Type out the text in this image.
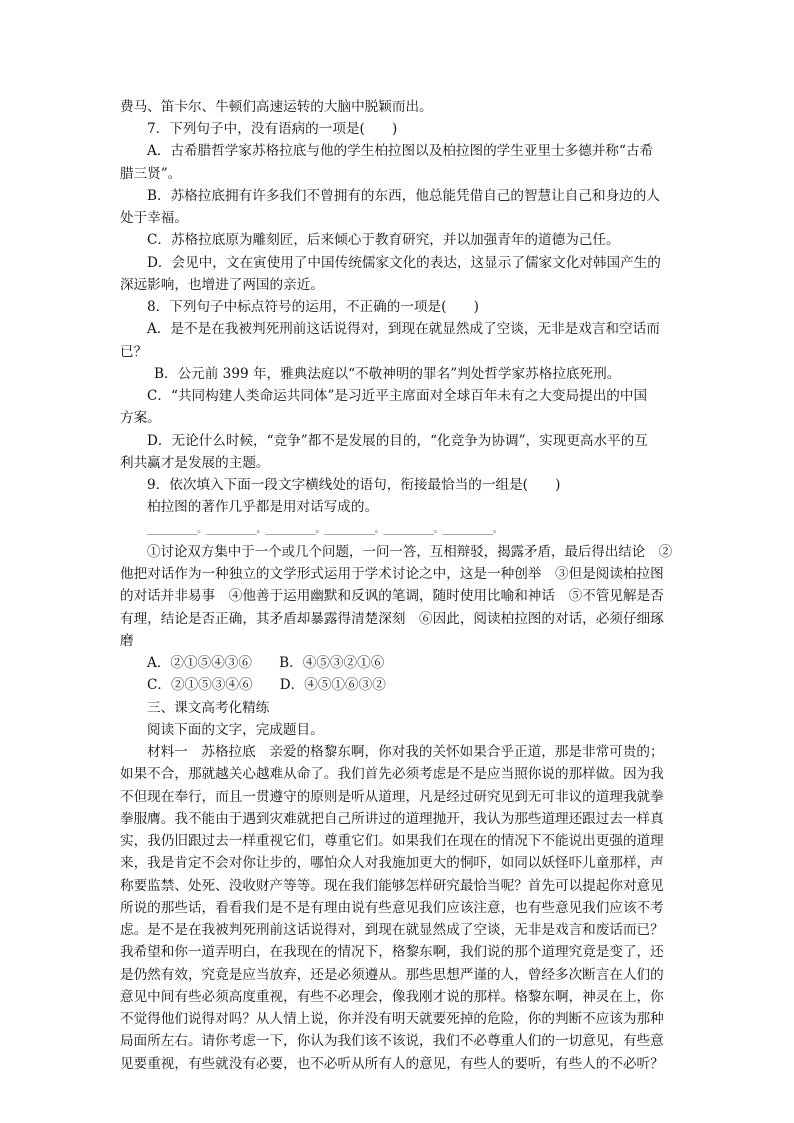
费马、笛卡尔、牛顿们高速运转的大脑中脱颖而出。
7．下列句子中，没有语病的一项是(　　)
A．古希腊哲学家苏格拉底与他的学生柏拉图以及柏拉图的学生亚里士多德并称“古希
腊三贤”。
B．苏格拉底拥有许多我们不曾拥有的东西，他总能凭借自己的智慧让自己和身边的人
处于幸福。
C．苏格拉底原为雕刻匠，后来倾心于教育研究，并以加强青年的道德为己任。
D．会见中，文在寅使用了中国传统儒家文化的表达，这显示了儒家文化对韩国产生的
深远影响，也增进了两国的亲近。
8．下列句子中标点符号的运用，不正确的一项是(　　)
A．是不是在我被判死刑前这话说得对，到现在就显然成了空谈，无非是戏言和空话而
已？
B．公元前 399 年，雅典法庭以“不敬神明的罪名”判处哲学家苏格拉底死刑。
C．“共同构建人类命运共同体”是习近平主席面对全球百年未有之大变局提出的中国
方案。
D．无论什么时候，“竞争”都不是发展的目的，“化竞争为协调”，实现更高水平的互
利共赢才是发展的主题。
9．依次填入下面一段文字横线处的语句，衔接最恰当的一组是(　　)
柏拉图的著作几乎都是用对话写成的。
____________。____________。____________。____________。____________。____________。
①讨论双方集中于一个或几个问题，一问一答，互相辩驳，揭露矛盾，最后得出结论　②
他把对话作为一种独立的文学形式运用于学术讨论之中，这是一种创举　③但是阅读柏拉图
的对话并非易事　④他善于运用幽默和反讽的笔调，随时使用比喻和神话　⑤不管见解是否
有理，结论是否正确，其矛盾却暴露得清楚深刻　⑥因此，阅读柏拉图的对话，必须仔细琢
磨
A．②①⑤④③⑥　　B．④⑤③②①⑥
C．②①⑤③④⑥　　D．④⑤①⑥③②
三、课文高考化精练
阅读下面的文字，完成题目。
材料一　苏格拉底　亲爱的格黎东啊，你对我的关怀如果合乎正道，那是非常可贵的；
如果不合，那就越关心越难从命了。我们首先必须考虑是不是应当照你说的那样做。因为我
不但现在奉行，而且一贯遵守的原则是听从道理，凡是经过研究见到无可非议的道理我就拳
拳服膺。我不能由于遇到灾难就把自己所讲过的道理抛开，我认为那些道理还跟过去一样真
实，我仍旧跟过去一样重视它们，尊重它们。如果我们在现在的情况下不能说出更强的道理
来，我是肯定不会对你让步的，哪怕众人对我施加更大的恫吓，如同以妖怪吓儿童那样，声
称要监禁、处死、没收财产等等。现在我们能够怎样研究最恰当呢？首先可以提起你对意见
所说的那些话，看看我们是不是有理由说有些意见我们应该注意，也有些意见我们应该不考
虑。是不是在我被判死刑前这话说得对，到现在就显然成了空谈，无非是戏言和废话而已？
我希望和你一道弄明白，在我现在的情况下，格黎东啊，我们说的那个道理究竟是变了，还
是仍然有效，究竟是应当放弃，还是必须遵从。那些思想严谨的人，曾经多次断言在人们的
意见中间有些必须高度重视，有些不必理会，像我刚才说的那样。格黎东啊，神灵在上，你
不觉得他们说得对吗？从人情上说，你并没有明天就要死掉的危险，你的判断不应该为那种
局面所左右。请你考虑一下，你认为我们该不该说，我们不必尊重人们的一切意见，有些意
见要重视，有些就没有必要，也不必听从所有人的意见，有些人的要听，有些人的不必听？
